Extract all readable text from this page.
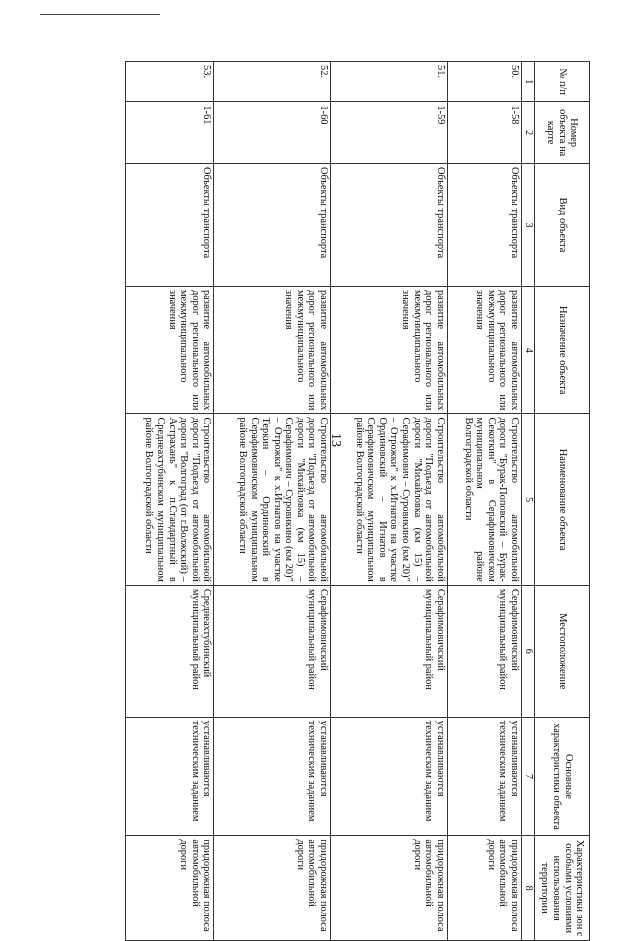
13
№ п/п	Номер объекта на карте	Вид объекта	Назначение объекта	Наименование объекта	Местоположение	Основные характеристики объекта	Характеристики зон с особыми условиями использования территории
1	2	3	4	5	6	7	8
50.	1-58	Объекты транспорта	развитие автомобильных дорог регионального или межмуниципального значения	Строительство автомобильной дороги "Бурак-Поповский – Бурак-Секоткин" в Серафимовичском муниципальном районе Волгоградской области	Серафимовичский муниципальный район	устанавливаются техническим заданием	придорожная полоса автомобильной дороги
51.	1-59	Объекты транспорта	развитие автомобильных дорог регионального или межмуниципального значения	Строительство автомобильной дороги "Подъезд от автомобильной дороги "Михайловка (км 15) – Серафимович – Суровикино (км 20)" – Отрожки" к х.Игнатов на участке Ординовский – Игнатов в Серафимовичском муниципальном районе Волгоградской области	Серафимовичский муниципальный район	устанавливаются техническим заданием	придорожная полоса автомобильной дороги
52.	1-60	Объекты транспорта	развитие автомобильных дорог регионального или межмуниципального значения	Строительство автомобильной дороги "Подъезд от автомобильной дороги "Михайловка (км 15) – Серафимович – Суровикино (км 20)" – Отрожки" к х.Игнатов на участке Теркин – Ординовский в Серафимовичском муниципальном районе Волгоградской области	Серафимовичский муниципальный район	устанавливаются техническим заданием	придорожная полоса автомобильной дороги
53.	1-61	Объекты транспорта	развитие автомобильных дорог регионального или межмуниципального значения	Строительство автомобильной дороги "Подъезд от автомобильной дороги "Волгоград (от г.Волжский) – Астрахань" к п.Стандартный в Среднеахтубинском муниципальном районе Волгоградской области	Среднеахтубинский муниципальный район	устанавливаются техническим заданием	придорожная полоса автомобильной дороги
